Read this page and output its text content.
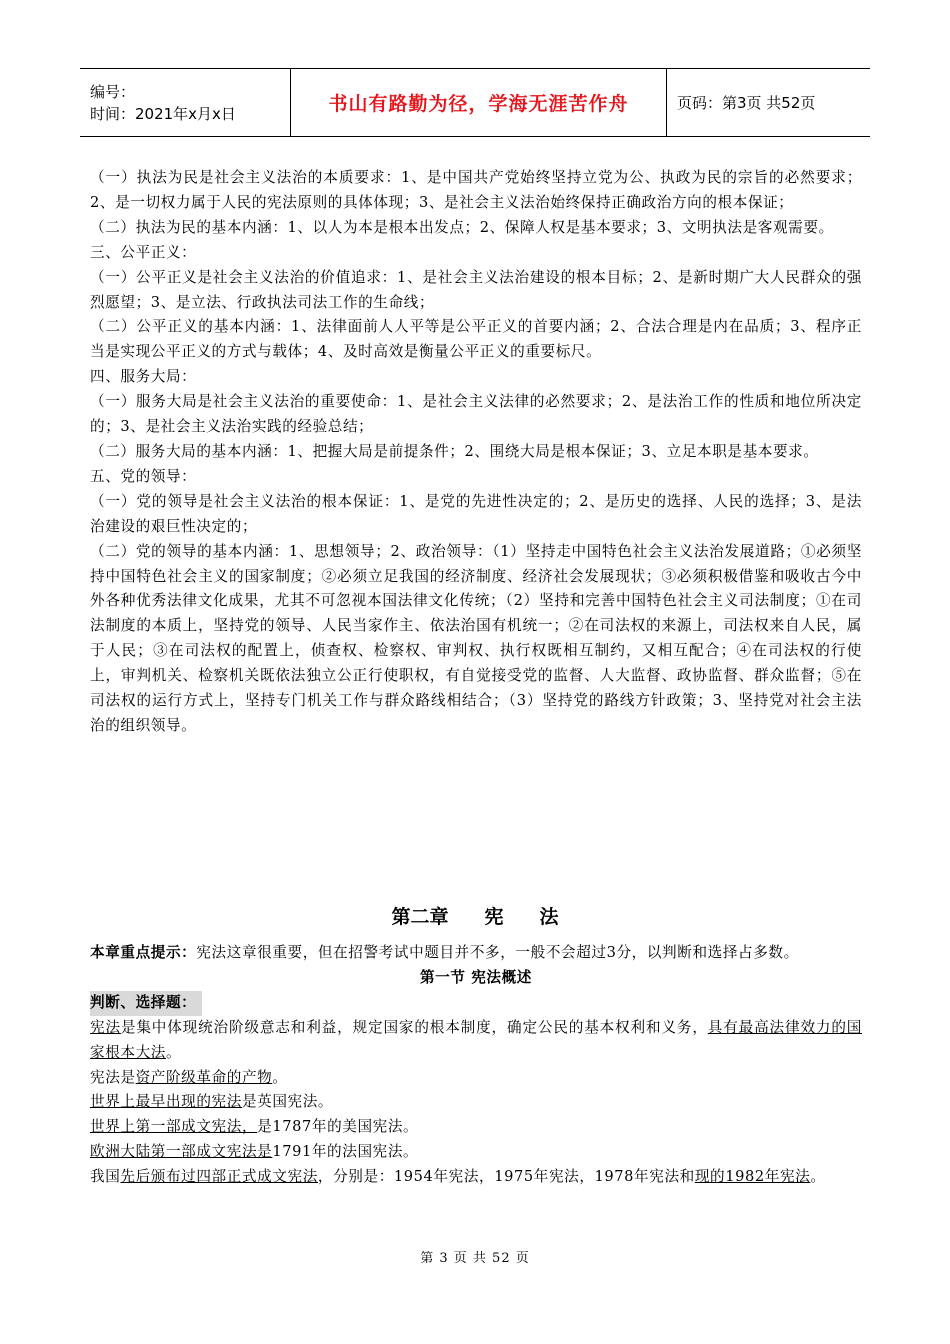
编号：
时间：2021年x月x日	书山有路勤为径，学海无涯苦作舟	页码：第3页 共52页

（一）执法为民是社会主义法治的本质要求：1、是中国共产党始终坚持立党为公、执政为民的宗旨的必然要求；2、是一切权力属于人民的宪法原则的具体体现；3、是社会主义法治始终保持正确政治方向的根本保证；

（二）执法为民的基本内涵：1、以人为本是根本出发点；2、保障人权是基本要求；3、文明执法是客观需要。

三、公平正义：

（一）公平正义是社会主义法治的价值追求：1、是社会主义法治建设的根本目标；2、是新时期广大人民群众的强烈愿望；3、是立法、行政执法司法工作的生命线；

（二）公平正义的基本内涵：1、法律面前人人平等是公平正义的首要内涵；2、合法合理是内在品质；3、程序正当是实现公平正义的方式与载体；4、及时高效是衡量公平正义的重要标尺。

四、服务大局：

（一）服务大局是社会主义法治的重要使命：1、是社会主义法律的必然要求；2、是法治工作的性质和地位所决定的；3、是社会主义法治实践的经验总结；

（二）服务大局的基本内涵：1、把握大局是前提条件；2、围绕大局是根本保证；3、立足本职是基本要求。

五、党的领导：

（一）党的领导是社会主义法治的根本保证：1、是党的先进性决定的；2、是历史的选择、人民的选择；3、是法治建设的艰巨性决定的；

（二）党的领导的基本内涵：1、思想领导；2、政治领导：（1）坚持走中国特色社会主义法治发展道路；①必须坚持中国特色社会主义的国家制度；②必须立足我国的经济制度、经济社会发展现状；③必须积极借鉴和吸收古今中外各种优秀法律文化成果，尤其不可忽视本国法律文化传统；（2）坚持和完善中国特色社会主义司法制度；①在司法制度的本质上，坚持党的领导、人民当家作主、依法治国有机统一；②在司法权的来源上，司法权来自人民，属于人民；③在司法权的配置上，侦查权、检察权、审判权、执行权既相互制约，又相互配合；④在司法权的行使上，审判机关、检察机关既依法独立公正行使职权，有自觉接受党的监督、人大监督、政协监督、群众监督；⑤在司法权的运行方式上，坚持专门机关工作与群众路线相结合；（3）坚持党的路线方针政策；3、坚持党对社会主法治的组织领导。

第二章 宪 法

本章重点提示：宪法这章很重要，但在招警考试中题目并不多，一般不会超过3分，以判断和选择占多数。

第一节 宪法概述

判断、选择题：

宪法是集中体现统治阶级意志和利益，规定国家的根本制度，确定公民的基本权利和义务，具有最高法律效力的国家根本大法。

宪法是资产阶级革命的产物。

世界上最早出现的宪法是英国宪法。

世界上第一部成文宪法，是1787年的美国宪法。

欧洲大陆第一部成文宪法是1791年的法国宪法。

我国先后颁布过四部正式成文宪法，分别是：1954年宪法，1975年宪法，1978年宪法和现的1982年宪法。

第 3 页 共 52 页
